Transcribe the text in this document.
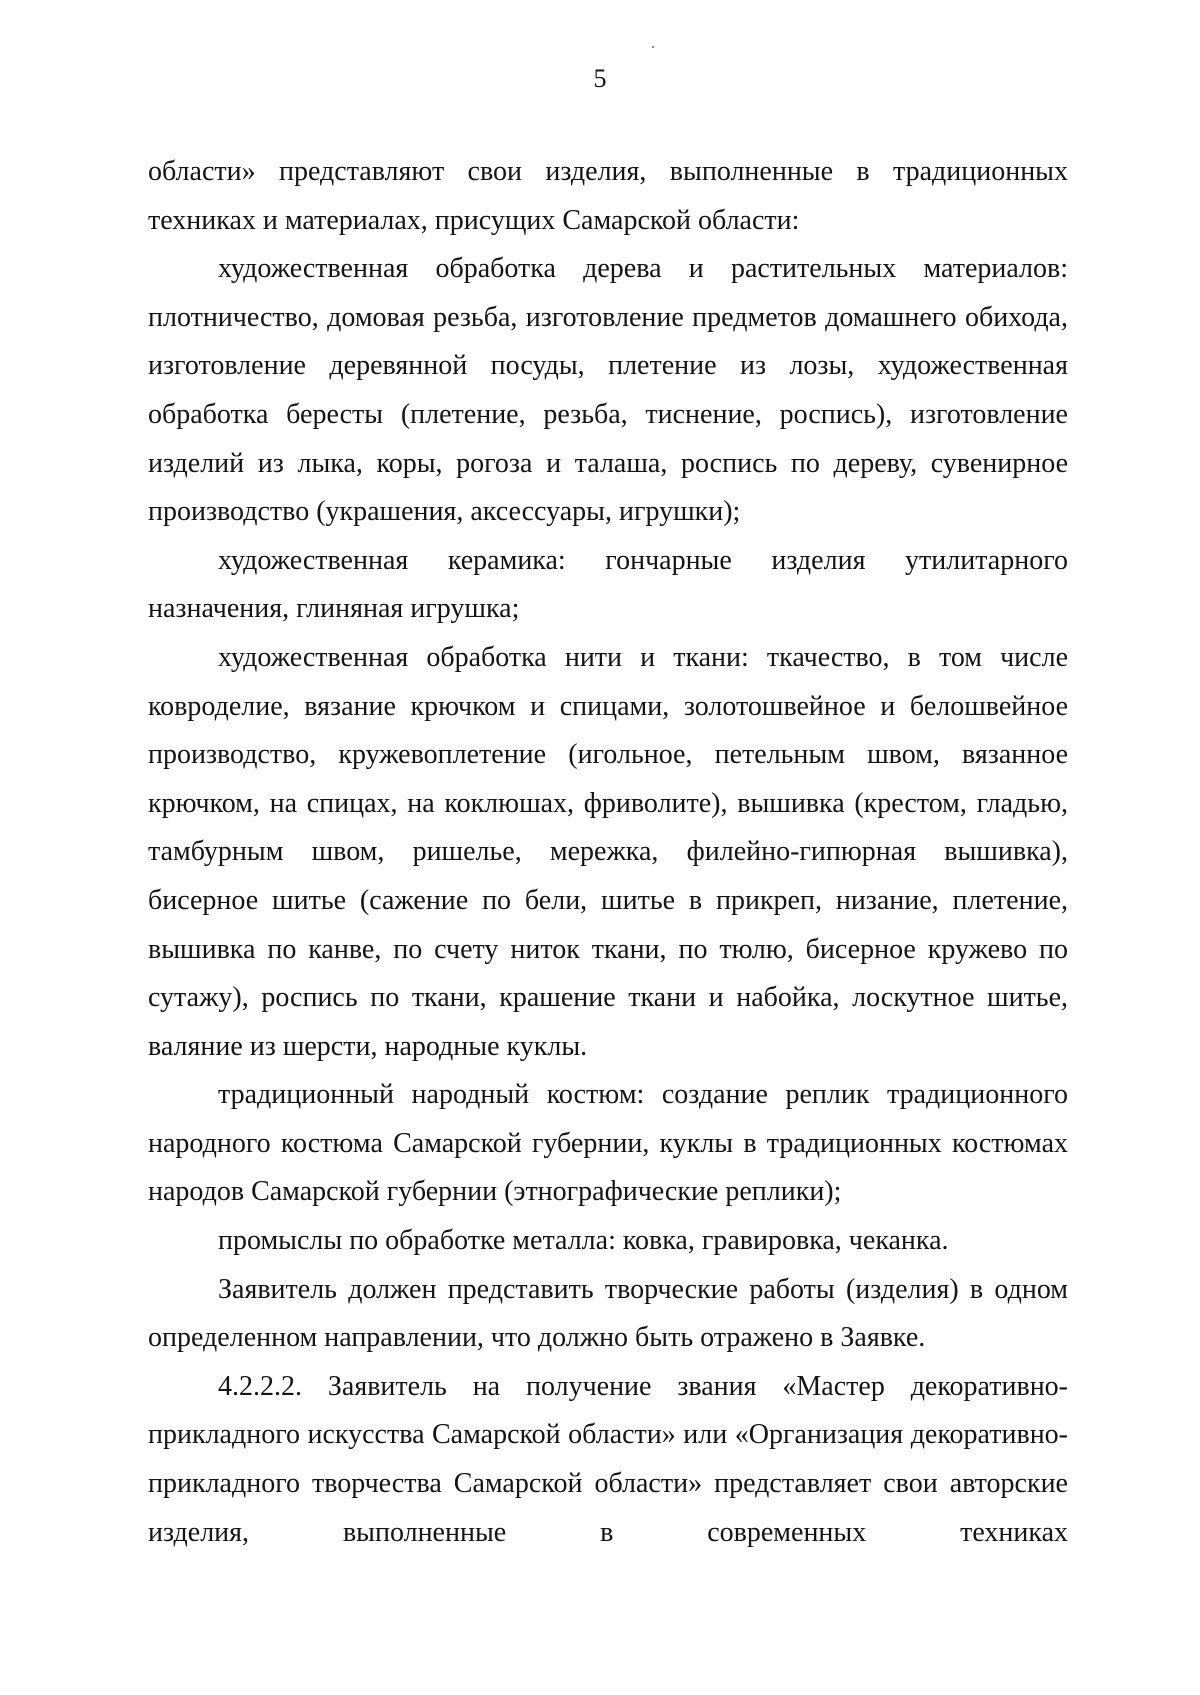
5

области» представляют свои изделия, выполненные в традиционных техниках и материалах, присущих Самарской области:

художественная обработка дерева и растительных материалов: плотничество, домовая резьба, изготовление предметов домашнего обихода, изготовление деревянной посуды, плетение из лозы, художественная обработка бересты (плетение, резьба, тиснение, роспись), изготовление изделий из лыка, коры, рогоза и талаша, роспись по дереву, сувенирное производство (украшения, аксессуары, игрушки);

художественная керамика: гончарные изделия утилитарного назначения, глиняная игрушка;

художественная обработка нити и ткани: ткачество, в том числе ковроделие, вязание крючком и спицами, золотошвейное и белошвейное производство, кружевоплетение (игольное, петельным швом, вязанное крючком, на спицах, на коклюшах, фриволите), вышивка (крестом, гладью, тамбурным швом, ришелье, мережка, филейно-гипюрная вышивка), бисерное шитье (сажение по бели, шитье в прикреп, низание, плетение, вышивка по канве, по счету ниток ткани, по тюлю, бисерное кружево по сутажу), роспись по ткани, крашение ткани и набойка, лоскутное шитье, валяние из шерсти, народные куклы.

традиционный народный костюм: создание реплик традиционного народного костюма Самарской губернии, куклы в традиционных костюмах народов Самарской губернии (этнографические реплики);

промыслы по обработке металла: ковка, гравировка, чеканка.

Заявитель должен представить творческие работы (изделия) в одном определенном направлении, что должно быть отражено в Заявке.

4.2.2.2. Заявитель на получение звания «Мастер декоративно-прикладного искусства Самарской области» или «Организация декоративно-прикладного творчества Самарской области» представляет свои авторские изделия, выполненные в современных техниках
